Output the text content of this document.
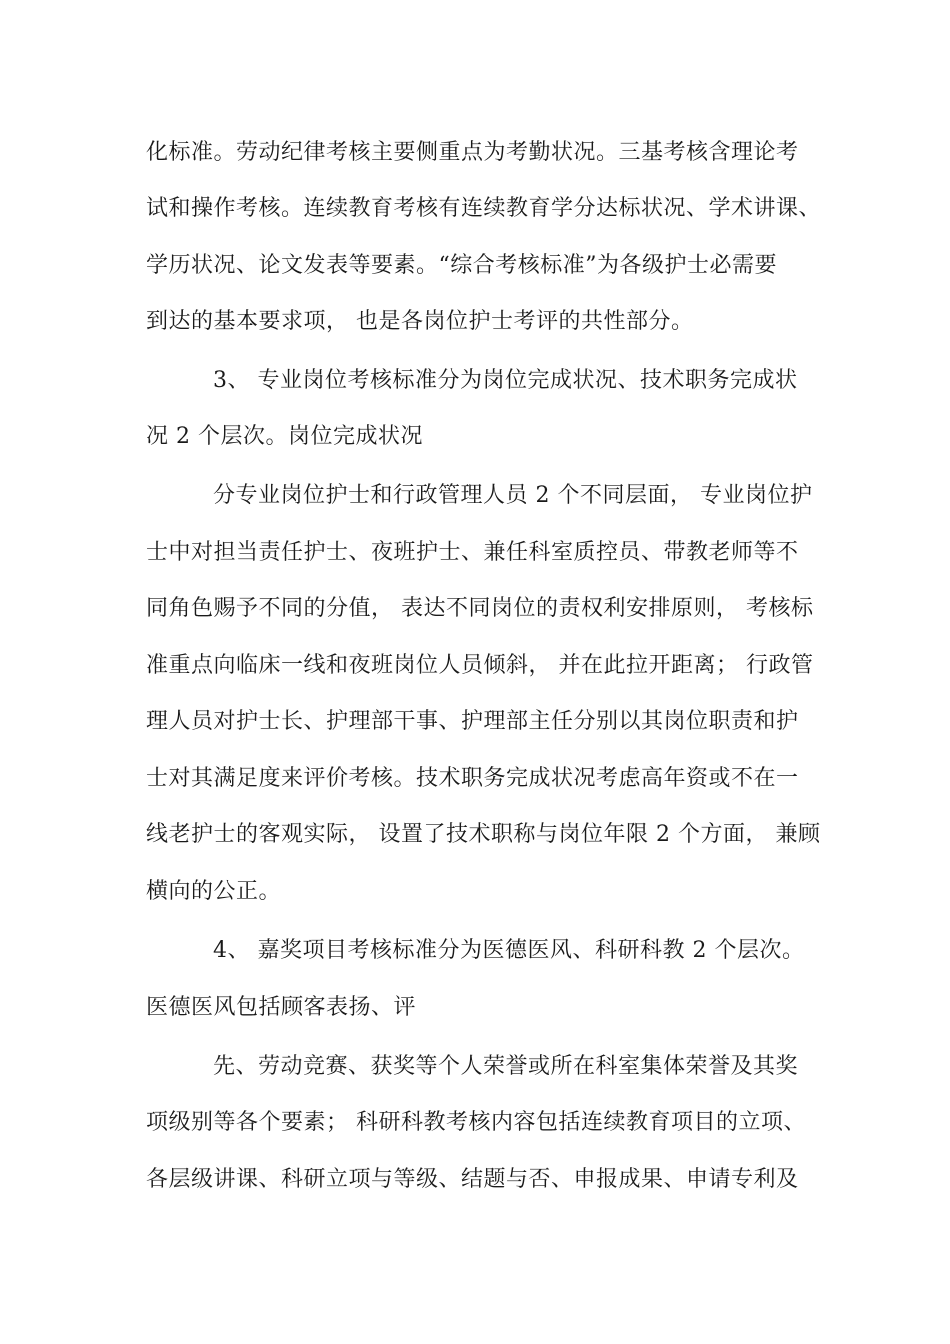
化标准。劳动纪律考核主要侧重点为考勤状况。三基考核含理论考
试和操作考核。连续教育考核有连续教育学分达标状况、学术讲课、
学历状况、论文发表等要素。“综合考核标准”为各级护士必需要
到达的基本要求项， 也是各岗位护士考评的共性部分。
3、 专业岗位考核标准分为岗位完成状况、技术职务完成状
况 2 个层次。岗位完成状况
分专业岗位护士和行政管理人员 2 个不同层面， 专业岗位护
士中对担当责任护士、夜班护士、兼任科室质控员、带教老师等不
同角色赐予不同的分值， 表达不同岗位的责权利安排原则， 考核标
准重点向临床一线和夜班岗位人员倾斜， 并在此拉开距离； 行政管
理人员对护士长、护理部干事、护理部主任分别以其岗位职责和护
士对其满足度来评价考核。技术职务完成状况考虑高年资或不在一
线老护士的客观实际， 设置了技术职称与岗位年限 2 个方面， 兼顾
横向的公正。
4、 嘉奖项目考核标准分为医德医风、科研科教 2 个层次。
医德医风包括顾客表扬、评
先、劳动竞赛、获奖等个人荣誉或所在科室集体荣誉及其奖
项级别等各个要素； 科研科教考核内容包括连续教育项目的立项、
各层级讲课、科研立项与等级、结题与否、申报成果、申请专利及
